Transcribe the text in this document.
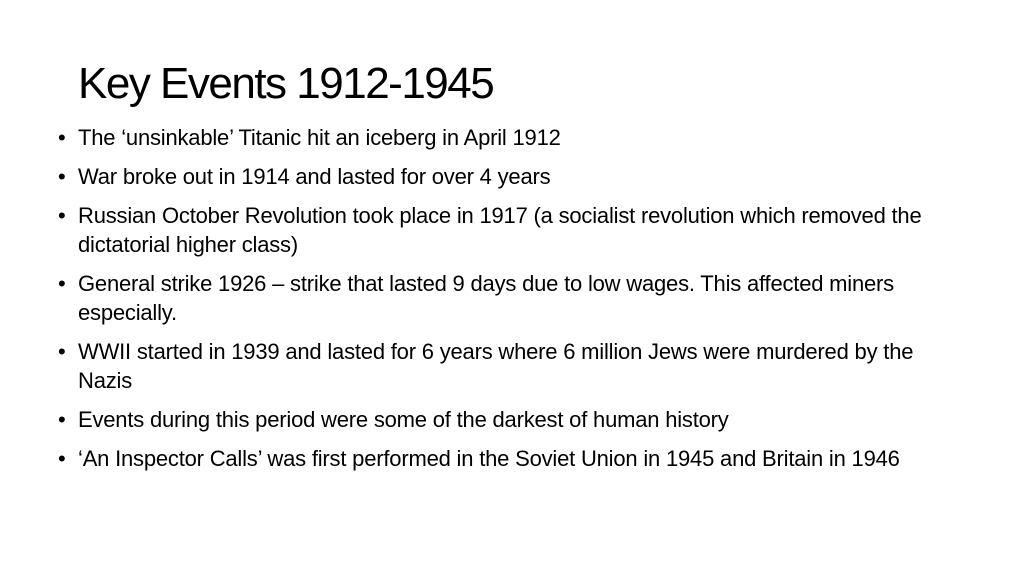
Key Events 1912-1945
• The ‘unsinkable’ Titanic hit an iceberg in April 1912
• War broke out in 1914 and lasted for over 4 years
• Russian October Revolution took place in 1917 (a socialist revolution which removed the dictatorial higher class)
• General strike 1926 – strike that lasted 9 days due to low wages. This affected miners especially.
• WWII started in 1939 and lasted for 6 years where 6 million Jews were murdered by the Nazis
• Events during this period were some of the darkest of human history
• ‘An Inspector Calls’ was first performed in the Soviet Union in 1945 and Britain in 1946
